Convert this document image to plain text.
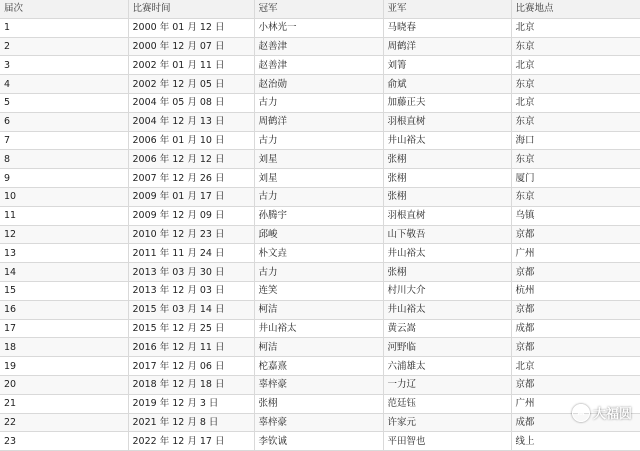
届次	比赛时间	冠军	亚军	比赛地点
1	2000 年 01 月 12 日	小林光一	马晓春	北京
2	2000 年 12 月 07 日	赵善津	周鹤洋	东京
3	2002 年 01 月 11 日	赵善津	刘箐	北京
4	2002 年 12 月 05 日	赵治勋	俞斌	东京
5	2004 年 05 月 08 日	古力	加藤正夫	北京
6	2004 年 12 月 13 日	周鹤洋	羽根直树	东京
7	2006 年 01 月 10 日	古力	井山裕太	海口
8	2006 年 12 月 12 日	刘星	张栩	东京
9	2007 年 12 月 26 日	刘星	张栩	厦门
10	2009 年 01 月 17 日	古力	张栩	东京
11	2009 年 12 月 09 日	孙腾宇	羽根直树	乌镇
12	2010 年 12 月 23 日	邱峻	山下敬吾	京都
13	2011 年 11 月 24 日	朴文垚	井山裕太	广州
14	2013 年 03 月 30 日	古力	张栩	京都
15	2013 年 12 月 03 日	连笑	村川大介	杭州
16	2015 年 03 月 14 日	柯洁	井山裕太	京都
17	2015 年 12 月 25 日	井山裕太	黄云嵩	成都
18	2016 年 12 月 11 日	柯洁	河野临	京都
19	2017 年 12 月 06 日	柁嘉熹	六浦雄太	北京
20	2018 年 12 月 18 日	辜梓豪	一力辽	京都
21	2019 年 12 月 3 日	张栩	范廷钰	广州
22	2021 年 12 月 8 日	辜梓豪	许家元	成都
23	2022 年 12 月 17 日	李钦诚	平田智也	线上
大福圆
